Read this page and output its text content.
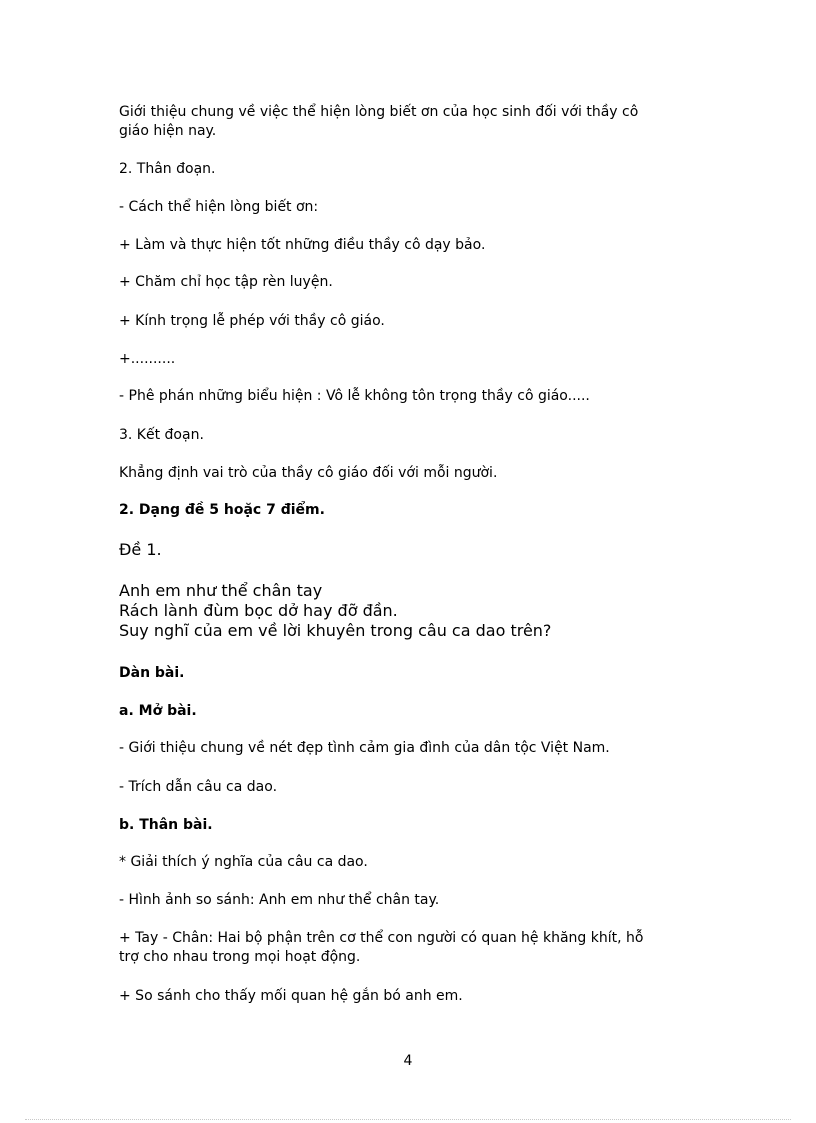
Giới thiệu chung về việc thể hiện lòng biết ơn của học sinh đối với thầy cô
giáo hiện nay.
2. Thân đoạn.
- Cách thể hiện lòng biết ơn:
+ Làm và thực hiện tốt những điều thầy cô dạy bảo.
+ Chăm chỉ học tập rèn luyện.
+ Kính trọng lễ phép với thầy cô giáo.
+..........
- Phê phán những biểu hiện : Vô lễ không tôn trọng thầy cô giáo.....
3. Kết đoạn.
Khẳng định vai trò của thầy cô giáo đối với mỗi người.
2. Dạng đề 5 hoặc 7 điểm.
Đề 1.
Anh em như thể chân tay
Rách lành đùm bọc dở hay đỡ đần.
Suy nghĩ của em về lời khuyên trong câu ca dao trên?
Dàn bài.
a. Mở bài.
- Giới thiệu chung về nét đẹp tình cảm gia đình của dân tộc Việt Nam.
- Trích dẫn câu ca dao.
b. Thân bài.
* Giải thích ý nghĩa của câu ca dao.
- Hình ảnh so sánh: Anh em như thể chân tay.
+ Tay - Chân: Hai bộ phận trên cơ thể con người có quan hệ khăng khít, hỗ
trợ cho nhau trong mọi hoạt động.
+ So sánh cho thấy mối quan hệ gắn bó anh em.
4
